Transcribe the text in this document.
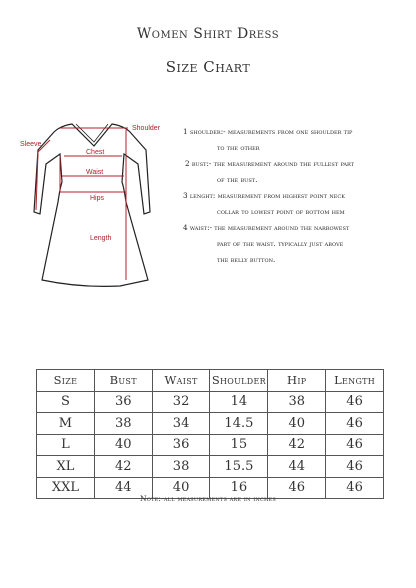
Women Shirt Dress
Size Chart
Shoulder
Sleeve
Chest
Waist
Hips
Length
1 shoulder:- measurements from one shoulder tip
to the other
2 bust:- the measurement around the fullest part
of the bust.
3 lenght: measurement from highest point neck
collar to lowest point of bottom hem
4 waist:- the measurement around the narrowest
part of the waist. typically just above
the belly button.
Size	Bust	Waist	Shoulder	Hip	Length
S	36	32	14	38	46
M	38	34	14.5	40	46
L	40	36	15	42	46
XL	42	38	15.5	44	46
XXL	44	40	16	46	46
Note:-all measurements are in inches
